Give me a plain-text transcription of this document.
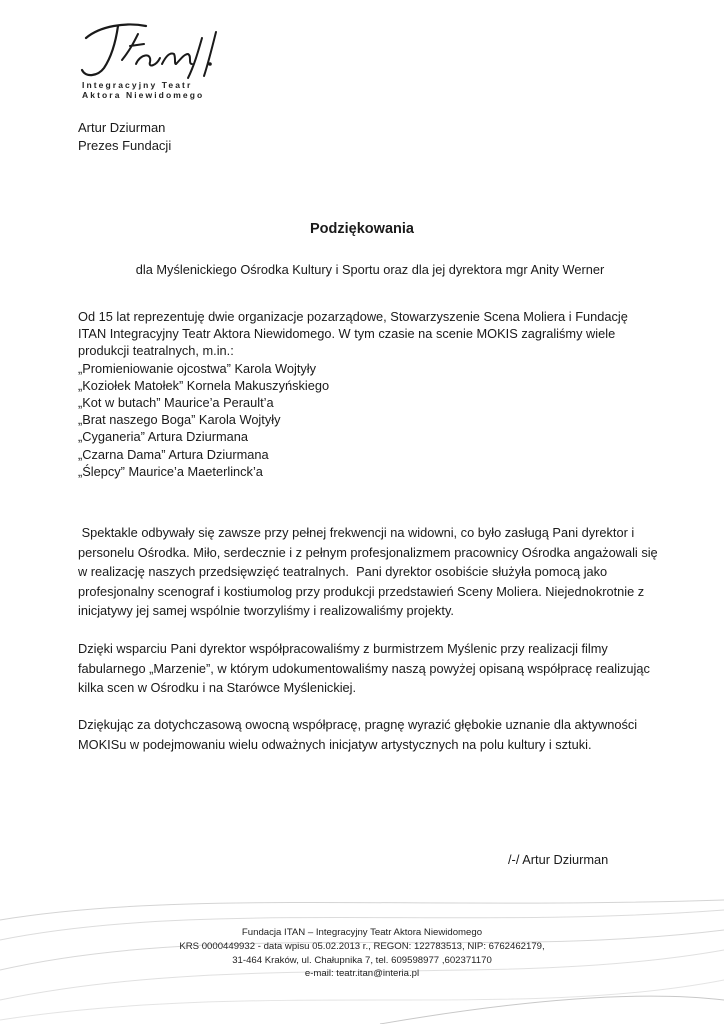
Integracyjny Teatr
Aktora Niewidomego
Artur Dziurman
Prezes Fundacji
Podziękowania
dla Myślenickiego Ośrodka Kultury i Sportu oraz dla jej dyrektora mgr Anity Werner

Od 15 lat reprezentuję dwie organizacje pozarządowe, Stowarzyszenie Scena Moliera i Fundację ITAN Integracyjny Teatr Aktora Niewidomego. W tym czasie na scenie MOKIS zagraliśmy wiele produkcji teatralnych, m.in.:

„Promieniowanie ojcostwa” Karola Wojtyły
„Koziołek Matołek” Kornela Makuszyńskiego
„Kot w butach” Maurice’a Perault’a
„Brat naszego Boga” Karola Wojtyły
„Cyganeria” Artura Dziurmana
„Czarna Dama” Artura Dziurmana
„Ślepcy” Maurice’a Maeterlinck’a

Spektakle odbywały się zawsze przy pełnej frekwencji na widowni, co było zasługą Pani dyrektor i personelu Ośrodka. Miło, serdecznie i z pełnym profesjonalizmem pracownicy Ośrodka angażowali się w realizację naszych przedsięwzięć teatralnych.  Pani dyrektor osobiście służyła pomocą jako profesjonalny scenograf i kostiumolog przy produkcji przedstawień Sceny Moliera. Niejednokrotnie z inicjatywy jej samej wspólnie tworzyliśmy i realizowaliśmy projekty.

Dzięki wsparciu Pani dyrektor współpracowaliśmy z burmistrzem Myślenic przy realizacji filmy fabularnego „Marzenie”, w którym udokumentowaliśmy naszą powyżej opisaną współpracę realizując kilka scen w Ośrodku i na Starówce Myślenickiej.

Dziękując za dotychczasową owocną współpracę, pragnę wyrazić głębokie uznanie dla aktywności MOKISu w podejmowaniu wielu odważnych inicjatyw artystycznych na polu kultury i sztuki.

/-/ Artur Dziurman
Fundacja ITAN – Integracyjny Teatr Aktora Niewidomego
KRS 0000449932 - data wpisu 05.02.2013 r., REGON: 122783513, NIP: 6762462179,
31-464 Kraków, ul. Chałupnika 7, tel. 609598977 ,602371170
e-mail: teatr.itan@interia.pl
